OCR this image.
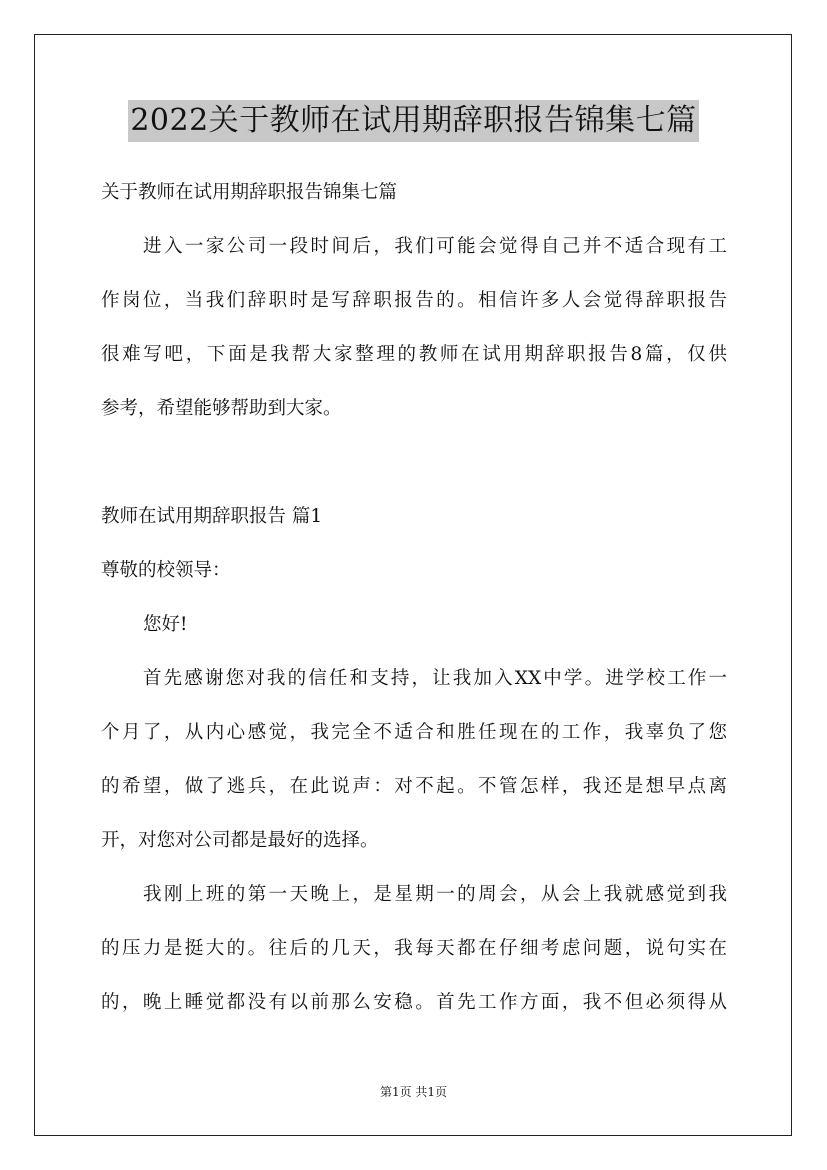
2022关于教师在试用期辞职报告锦集七篇
关于教师在试用期辞职报告锦集七篇
进入一家公司一段时间后，我们可能会觉得自己并不适合现有工
作岗位，当我们辞职时是写辞职报告的。相信许多人会觉得辞职报告
很难写吧，下面是我帮大家整理的教师在试用期辞职报告8篇，仅供
参考，希望能够帮助到大家。
教师在试用期辞职报告 篇1
尊敬的校领导：
您好!
首先感谢您对我的信任和支持，让我加入XX中学。进学校工作一
个月了，从内心感觉，我完全不适合和胜任现在的工作，我辜负了您
的希望，做了逃兵，在此说声：对不起。不管怎样，我还是想早点离
开，对您对公司都是最好的选择。
我刚上班的第一天晚上，是星期一的周会，从会上我就感觉到我
的压力是挺大的。往后的几天，我每天都在仔细考虑问题，说句实在
的，晚上睡觉都没有以前那么安稳。首先工作方面，我不但必须得从
第1页 共1页
